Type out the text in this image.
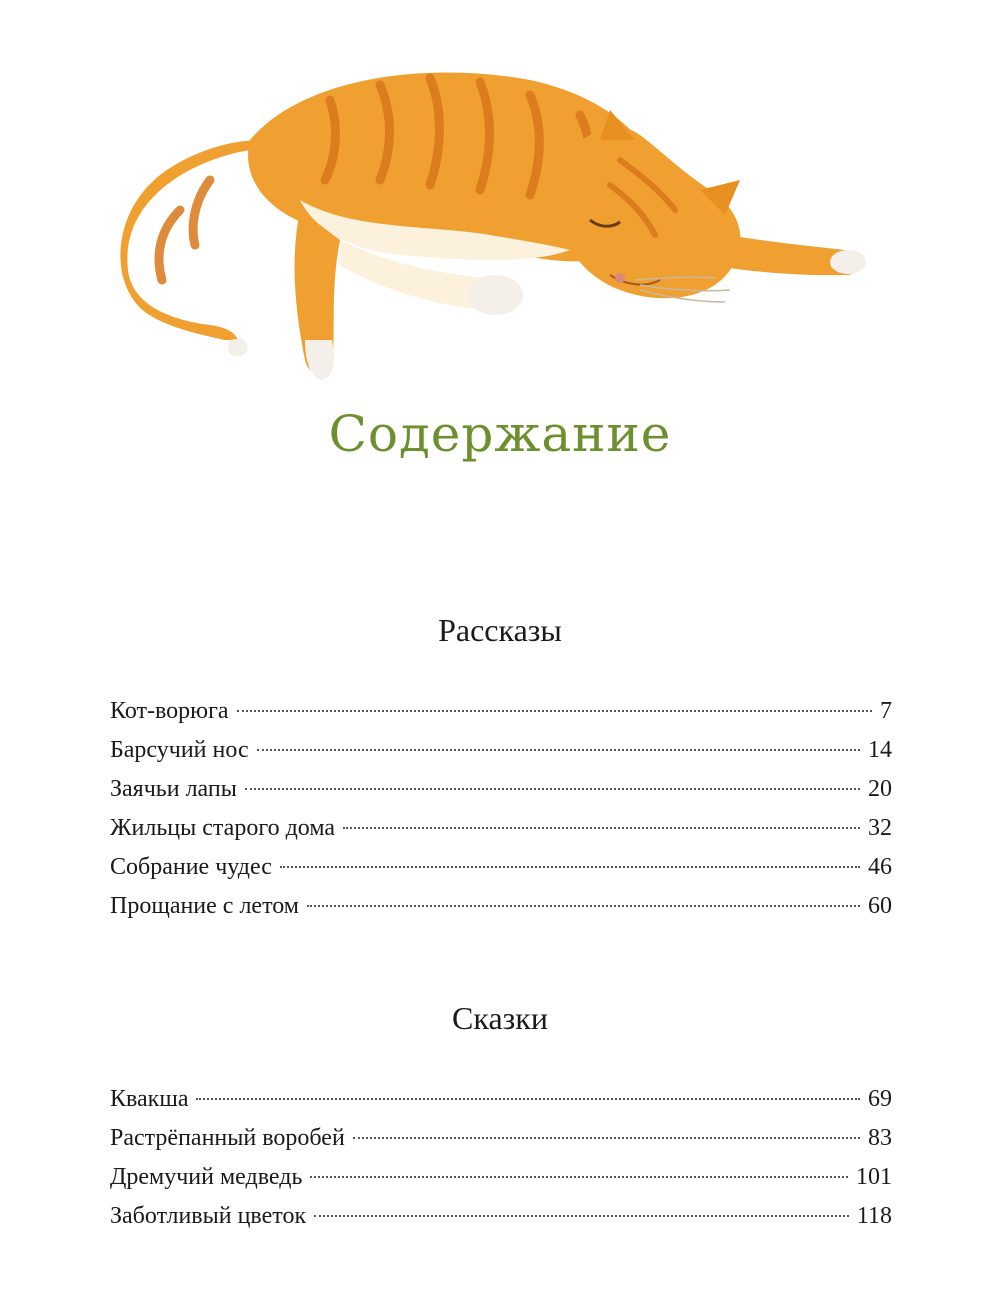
Содержание
Рассказы
Кот-ворюга	7
Барсучий нос	14
Заячьи лапы	20
Жильцы старого дома	32
Собрание чудес	46
Прощание с летом	60
Сказки
Квакша	69
Растрёпанный воробей	83
Дремучий медведь	101
Заботливый цветок	118
